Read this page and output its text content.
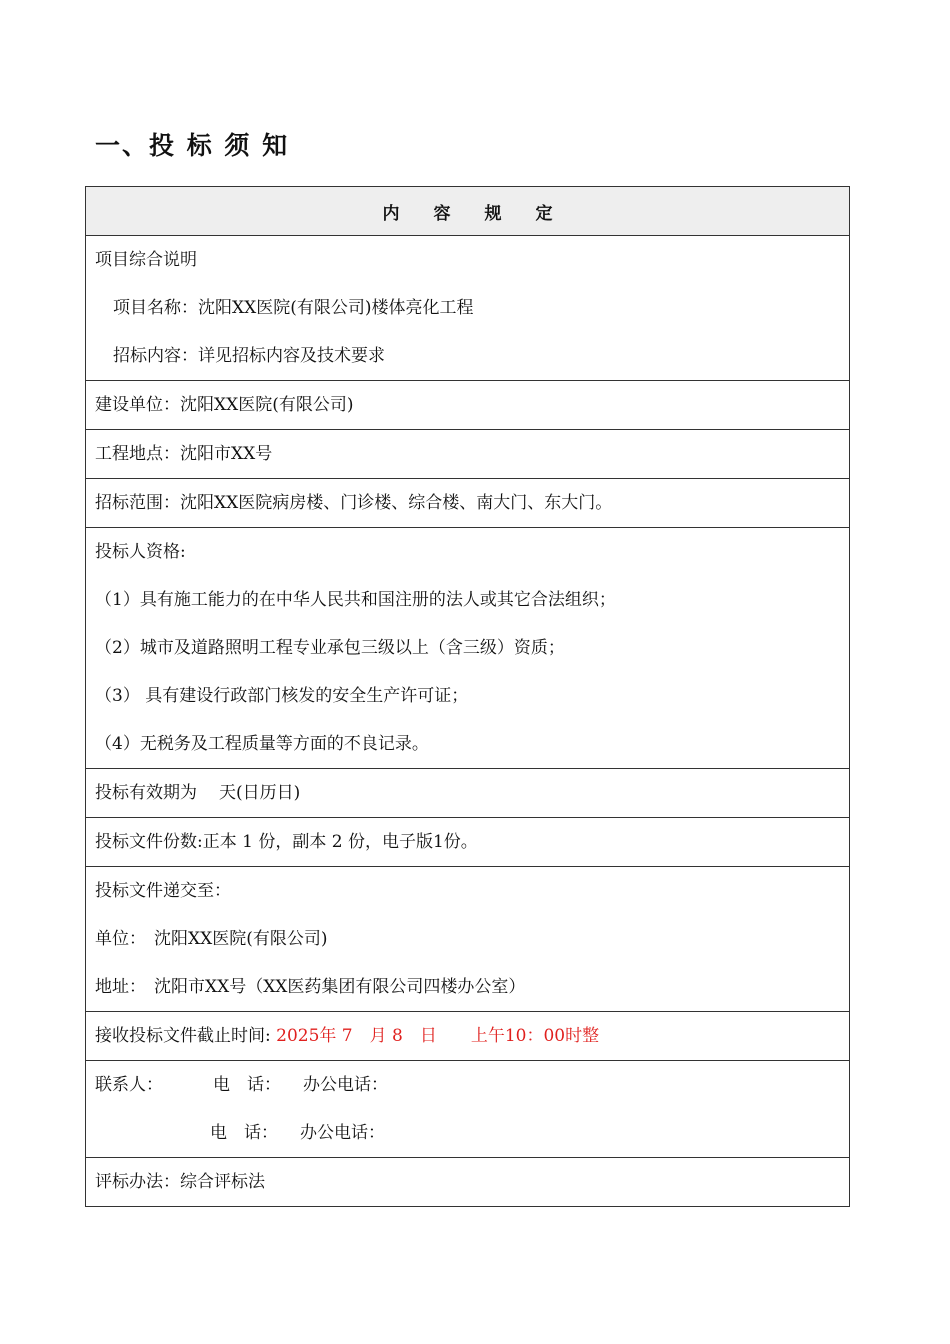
一、投 标 须 知
内　　容　　规　　定

项目综合说明
项目名称：沈阳XX医院(有限公司)楼体亮化工程
招标内容：详见招标内容及技术要求

建设单位：沈阳XX医院(有限公司)

工程地点：沈阳市XX号

招标范围：沈阳XX医院病房楼、门诊楼、综合楼、南大门、东大门。

投标人资格:
（1）具有施工能力的在中华人民共和国注册的法人或其它合法组织；
（2）城市及道路照明工程专业承包三级以上（含三级）资质；
（3） 具有建设行政部门核发的安全生产许可证；
（4）无税务及工程质量等方面的不良记录。

投标有效期为 天(日历日)

投标文件份数:正本 1 份，副本 2 份，电子版1份。

投标文件递交至：
单位： 沈阳XX医院(有限公司)
地址： 沈阳市XX号（XX医药集团有限公司四楼办公室）

接收投标文件截止时间: 2025年 7　月 8　日　　上午10：00时整

联系人：	电　话： 办公电话：
电　话： 办公电话：

评标办法：综合评标法
